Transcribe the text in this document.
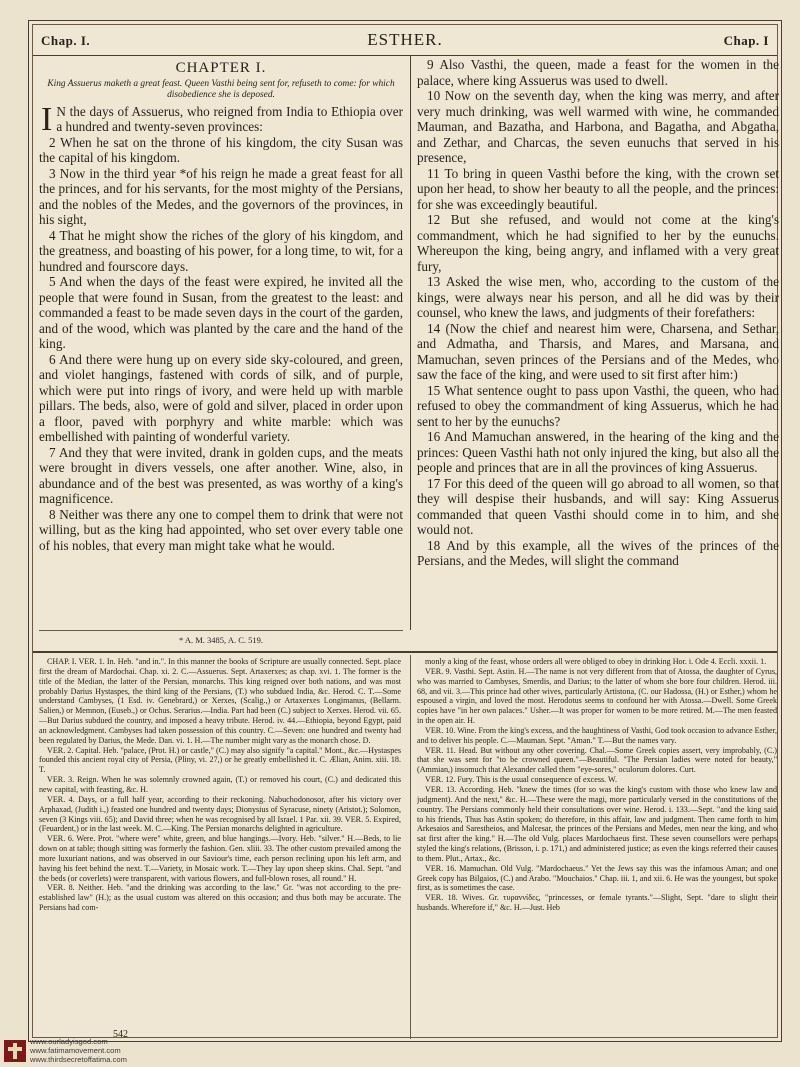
Chap. I.	ESTHER.	Chap. I
CHAPTER I.
King Assuerus maketh a great feast. Queen Vasthi being sent for, refuseth to come: for which disobedience she is deposed.

I N the days of Assuerus, who reigned from India to Ethiopia over a hundred and twenty-seven provinces:

2 When he sat on the throne of his kingdom, the city Susan was the capital of his kingdom.

3 Now in the third year *of his reign he made a great feast for all the princes, and for his servants, for the most mighty of the Persians, and the nobles of the Medes, and the governors of the provinces, in his sight,

4 That he might show the riches of the glory of his kingdom, and the greatness, and boasting of his power, for a long time, to wit, for a hundred and fourscore days.

5 And when the days of the feast were expired, he invited all the people that were found in Susan, from the greatest to the least: and commanded a feast to be made seven days in the court of the garden, and of the wood, which was planted by the care and the hand of the king.

6 And there were hung up on every side sky-coloured, and green, and violet hangings, fastened with cords of silk, and of purple, which were put into rings of ivory, and were held up with marble pillars. The beds, also, were of gold and silver, placed in order upon a floor, paved with porphyry and white marble: which was embellished with painting of wonderful variety.

7 And they that were invited, drank in golden cups, and the meats were brought in divers vessels, one after another. Wine, also, in abundance and of the best was presented, as was worthy of a king's magnificence.

8 Neither was there any one to compel them to drink that were not willing, but as the king had appointed, who set over every table one of his nobles, that every man might take what he would.

9 Also Vasthi, the queen, made a feast for the women in the palace, where king Assuerus was used to dwell.

10 Now on the seventh day, when the king was merry, and after very much drinking, was well warmed with wine, he commanded Mauman, and Bazatha, and Harbona, and Bagatha, and Abgatha, and Zethar, and Charcas, the seven eunuchs that served in his presence,

11 To bring in queen Vasthi before the king, with the crown set upon her head, to show her beauty to all the people, and the princes: for she was exceedingly beautiful.

12 But she refused, and would not come at the king's commandment, which he had signified to her by the eunuchs. Whereupon the king, being angry, and inflamed with a very great fury,

13 Asked the wise men, who, according to the custom of the kings, were always near his person, and all he did was by their counsel, who knew the laws, and judgments of their forefathers:

14 (Now the chief and nearest him were, Charsena, and Sethar, and Admatha, and Tharsis, and Mares, and Marsana, and Mamuchan, seven princes of the Persians and of the Medes, who saw the face of the king, and were used to sit first after him:)

15 What sentence ought to pass upon Vasthi, the queen, who had refused to obey the commandment of king Assuerus, which he had sent to her by the eunuchs?

16 And Mamuchan answered, in the hearing of the king and the princes: Queen Vasthi hath not only injured the king, but also all the people and princes that are in all the provinces of king Assuerus.

17 For this deed of the queen will go abroad to all women, so that they will despise their husbands, and will say: King Assuerus commanded that queen Vasthi should come in to him, and she would not.

18 And by this example, all the wives of the princes of the Persians, and the Medes, will slight the command

* A. M. 3485, A. C. 519.

CHAP. I. VER. 1. In. Heb. "and in.". In this manner the books of Scripture are usually connected. Sept. place first the dream of Mardochai. Chap. xi. 2. C.—Assuerus. Sept. Artaxerxes; as chap. xvi. 1. The former is the title of the Median, the latter of the Persian, monarchs. This king reigned over both nations, and was most probably Darius Hystaspes, the third king of the Persians, (T.) who subdued India, &c. Herod. C. T.—Some understand Cambyses, (1 Esd. iv. Genebrard,) or Xerxes, (Scalig.,) or Artaxerxes Longimanus, (Bellarm. Salien,) or Memnon, (Euseb.,) or Ochus. Serarius.—India. Part had been (C.) subject to Xerxes. Herod. vii. 65.—But Darius subdued the country, and imposed a heavy tribute. Herod. iv. 44.—Ethiopia, beyond Egypt, paid an acknowledgment. Cambyses had taken possession of this country. C.—Seven: one hundred and twenty had been regulated by Darius, the Mede. Dan. vi. 1. H.—The number might vary as the monarch chose. D.

VER. 2. Capital. Heb. "palace, (Prot. H.) or castle," (C.) may also signify "a capital." Mont., &c.—Hystaspes founded this ancient royal city of Persia, (Pliny, vi. 27,) or he greatly embellished it. C. Ælian, Anim. xiii. 18. T.

VER. 3. Reign. When he was solemnly crowned again, (T.) or removed his court, (C.) and dedicated this new capital, with feasting, &c. H.

VER. 4. Days, or a full half year, according to their reckoning. Nabuchodonosor, after his victory over Arphaxad, (Judith i.,) feasted one hundred and twenty days; Dionysius of Syracuse, ninety (Aristot.); Solomon, seven (3 Kings viii. 65); and David three; when he was recognised by all Israel. 1 Par. xii. 39. VER. 5. Expired, (Feuardent,) or in the last week. M. C.—King. The Persian monarchs delighted in agriculture.

VER. 6. Were. Prot. "where were" white, green, and blue hangings.—Ivory. Heb. "silver." H.—Beds, to lie down on at table; though sitting was formerly the fashion. Gen. xliii. 33. The other custom prevailed among the more luxuriant nations, and was observed in our Saviour's time, each person reclining upon his left arm, and having his feet behind the next. T.—Variety, in Mosaic work. T.—They lay upon sheep skins. Chal. Sept. "and the beds (or coverlets) were transparent, with various flowers, and full-blown roses, all round." H.

VER. 8. Neither. Heb. "and the drinking was according to the law." Gr. "was not according to the pre-established law" (H.); as the usual custom was altered on this occasion; and thus both may be accurate. The Persians had com-

monly a king of the feast, whose orders all were obliged to obey in drinking Hor. i. Ode 4. Eccli. xxxii. 1.

VER. 9. Vasthi. Sept. Astin. H.—The name is not very different from that of Atossa, the daughter of Cyrus, who was married to Cambyses, Smerdis, and Darius; to the latter of whom she bore four children. Herod. iii. 68, and vii. 3.—This prince had other wives, particularly Artistona, (C. our Hadossa, (H.) or Esther,) whom he espoused a virgin, and loved the most. Herodotus seems to confound her with Atossa.—Dwell. Some Greek copies have "in her own palaces." Usher.—It was proper for women to be more retired. M.—The men feasted in the open air. H.

VER. 10. Wine. From the king's excess, and the haughtiness of Vasthi, God took occasion to advance Esther, and to deliver his people. C.—Mauman. Sept. "Aman." T.—But the names vary.

VER. 11. Head. But without any other covering. Chal.—Some Greek copies assert, very improbably, (C.) that she was sent for "to be crowned queen."—Beautiful. "The Persian ladies were noted for beauty," (Ammian,) insomuch that Alexander called them "eye-sores," oculorum dolores. Curt.

VER. 12. Fury. This is the usual consequence of excess. W.

VER. 13. According. Heb. "knew the times (for so was the king's custom with those who knew law and judgment). And the next," &c. H.—These were the magi, more particularly versed in the constitutions of the country. The Persians commonly held their consultations over wine. Herod. i. 133.—Sept. "and the king said to his friends, Thus has Astin spoken; do therefore, in this affair, law and judgment. Then came forth to him Arkesaios and Sarestheios, and Malcesar, the princes of the Persians and Medes, men near the king, and who sat first after the king." H.—The old Vulg. places Mardochaeus first. These seven counsellors were perhaps styled the king's relations, (Brisson, i. p. 171,) and administered justice; as even the kings referred their causes to them. Plut., Artax., &c.

VER. 16. Mamuchan. Old Vulg. "Mardochaeus." Yet the Jews say this was the infamous Aman; and one Greek copy has Bilgaios, (C.) and Arabo. "Mouchaios." Chap. iii. 1, and xii. 6. He was the youngest, but spoke first, as is sometimes the case.

VER. 18. Wives. Gr. τυραννίδες, "princesses, or female tyrants."—Slight, Sept. "dare to slight their husbands. Wherefore if," &c. H.—Just. Heb

542
www.ourladyisgod.com
www.fatimamovement.com
www.thirdsecretoffatima.com
